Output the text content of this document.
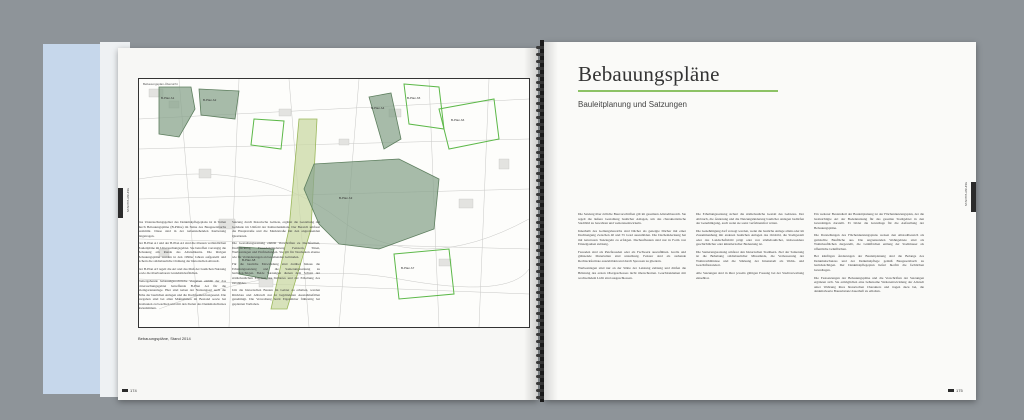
B-Plan A1	B-Plan A2
B-Plan A3
B-Plan A4
B-Plan A5
B-Plan A6
B-Plan A7
B-Plan A8
Bebauungsplan-Übersicht
STADTPLANUNG

Das Untersuchungsgebiet des Denkmalpflegeplans ist in Teilen durch Bebauungspläne (B-Pläne) im Sinne des Baugesetzbuchs bestimmt. Diese sind in der nebenstehenden Kartierung eingetragen.

Der B-Plan A1 und der B-Plan A2 sind die ältesten verbindlichen Bauleitpläne im Untersuchungsgebiet. Sie betreffen vorrangig die Bebauung am Rande des Altstadtkerns. Die übrigen Bebauungspläne wurden in den 1990er Jahren aufgestellt und sichern die städtebauliche Ordnung der historischen Altstadt.

Der B-Plan A3 regelt die Art und das Maß der baulichen Nutzung sowie die überbaubaren Grundstücksflächen.

Weitergehende bebauungsrechtliche Vorgaben enthält der das Untersuchungsgebiet betreffende B-Plan A4 für die Kleingartenanlage. Hier sind neben der Nutzungsart auch die Höhe der baulichen Anlagen und die Dachformen festgesetzt. Die Vorgaben sind bei allen Maßnahmen im Bestand sowie bei Neubauten zu beachten und mit den Zielen des Denkmalschutzes abzustimmen.

Satzung durch historische Gebiete, ergänzt die Gestaltung der Gebäude im Umfeld der Kulturdenkmale. Der Bereich umfasst die Hauptstraße und die Marktstraße mit den angrenzenden Quartieren.

Die Gestaltungssatzung enthält Vorschriften zu Dachformen, Dachdeckung, Fassadengliederung, Fenstern, Türen, Werbeanlagen und Einfriedungen. Sie gilt für Neubauten ebenso wie für Veränderungen an bestehenden Gebäuden.

Für die bauliche Entwicklung sind darüber hinaus die Erhaltungssatzung und die Sanierungssatzung zu berücksichtigen. Beide Satzungen dienen dem Schutz der städtebaulichen Eigenart des Gebietes und der Erhaltung des Ortsbildes.

Um die historischen Bauten im Gebiet zu erhalten, werden Rückbau und Abbruch nur in begründeten Ausnahmefällen genehmigt. Die Verwaltung berät Eigentümer frühzeitig bei geplanten Vorhaben.

Bebauungspläne, Stand 2014
174
Bebauungspläne
Bauleitplanung und Satzungen
STADTPLANUNG

Die Satzung über örtliche Bauvorschriften gilt im gesamten Altstadtbereich. Sie regelt die äußere Gestaltung baulicher Anlagen, um das charakteristische Stadtbild zu bewahren und weiterzuentwickeln.

Innerhalb des Geltungsbereichs sind Dächer als geneigte Dächer mit einer Dachneigung zwischen 40 und 55 Grad auszubilden. Die Dacheindeckung hat mit naturroten Tonziegeln zu erfolgen. Dachaufbauten sind nur in Form von Einzelgauben zulässig.

Fassaden sind als Putzfassaden oder als Fachwerk auszuführen. Grelle und glänzende Materialien sind unzulässig. Fenster sind als stehende Rechteckformate auszubilden und durch Sprossen zu gliedern.

Werbeanlagen sind nur an der Stätte der Leistung zulässig und dürfen die Brüstung des ersten Obergeschosses nicht überschreiten. Leuchtreklamen mit wechselndem Licht sind ausgeschlossen.

Die Erhaltungssatzung sichert die städtebauliche Gestalt des Gebietes. Der Abbruch, die Änderung und die Nutzungsänderung baulicher Anlagen bedürfen der Genehmigung, auch wenn sie sonst verfahrensfrei wären.

Die Genehmigung darf versagt werden, wenn die bauliche Anlage allein oder im Zusammenhang mit anderen baulichen Anlagen das Ortsbild, die Stadtgestalt oder das Landschaftsbild prägt oder von städtebaulicher, insbesondere geschichtlicher oder künstlerischer Bedeutung ist.

Die Sanierungssatzung umfasst den historischen Stadtkern. Ziel der Sanierung ist die Behebung städtebaulicher Missstände, die Verbesserung der Wohnverhältnisse und die Stärkung der Innenstadt als Wohn- und Geschäftsstandort.

Alle Satzungen sind in ihrer jeweils gültigen Fassung bei der Stadtverwaltung einsehbar.

Ein weiterer Bestandteil der Bauleitplanung ist der Flächennutzungsplan, der die beabsichtigte Art der Bodennutzung für das gesamte Stadtgebiet in den Grundzügen darstellt. Er bildet die Grundlage für die Aufstellung der Bebauungspläne.

Die Darstellungen des Flächennutzungsplans weisen den Altstadtbereich als gemischte Baufläche aus. Die angrenzenden Wohngebiete sind als Wohnbauflächen dargestellt, die Grünflächen entlang der Stadtmauer als öffentliche Grünflächen.

Bei künftigen Änderungen der Bauleitplanung sind die Belange des Denkmalschutzes und der Denkmalpflege gemäß Baugesetzbuch zu berücksichtigen. Der Denkmalpflegeplan liefert hierfür die fachlichen Grundlagen.

Die Festsetzungen der Bebauungspläne und die Vorschriften der Satzungen ergänzen sich. Sie ermöglichen eine behutsame Weiterentwicklung der Altstadt unter Wahrung ihres historischen Charakters und tragen dazu bei, die denkmalwerte Bausubstanz dauerhaft zu erhalten.

175
